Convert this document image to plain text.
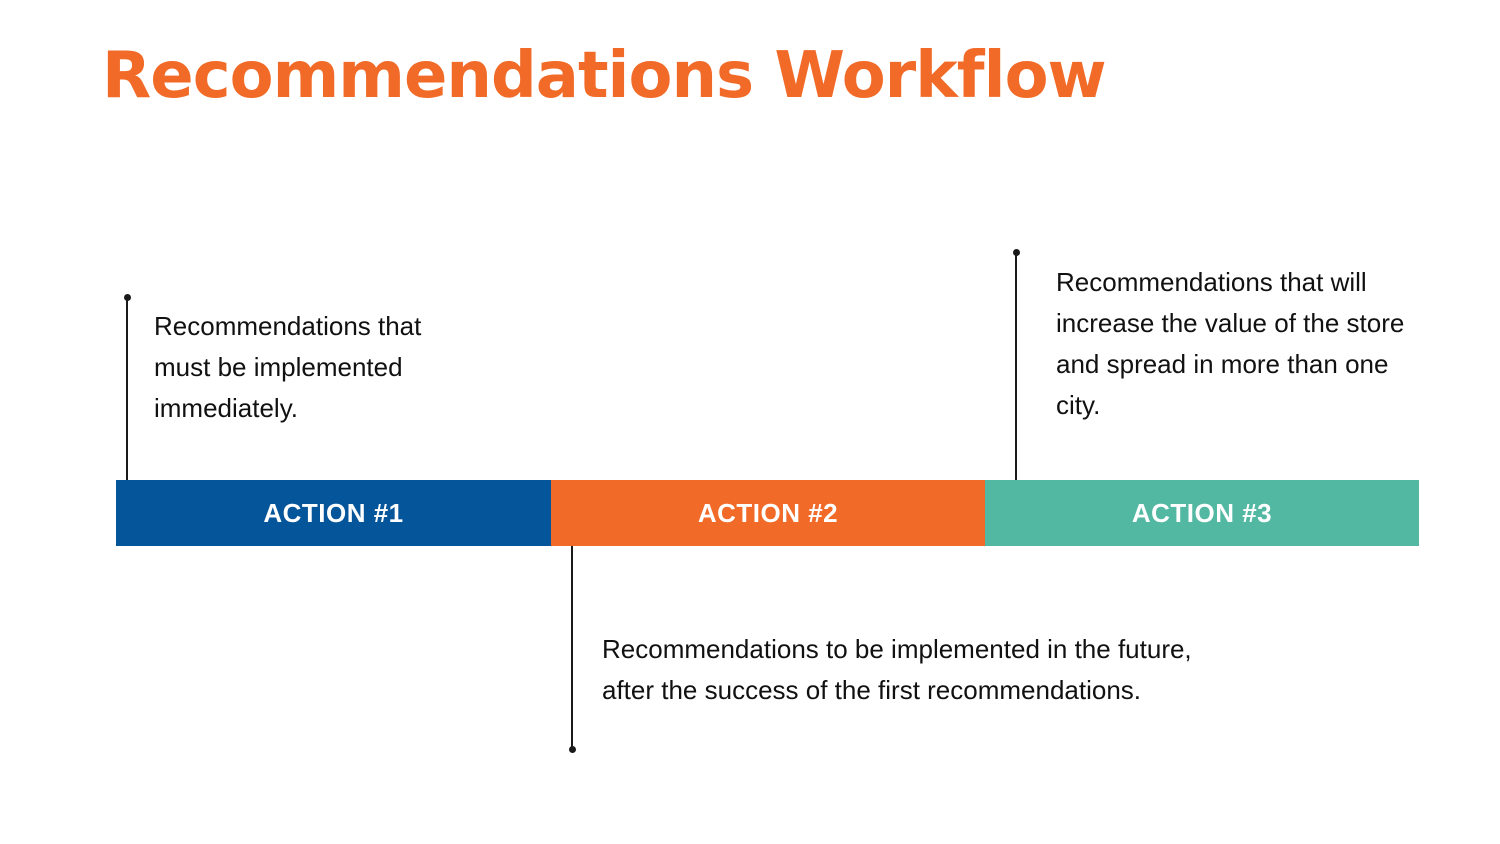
Recommendations Workflow
ACTION #1	ACTION #2	ACTION #3

Recommendations that must be implemented immediately.

Recommendations to be implemented in the future, after the success of the first recommendations.

Recommendations that will increase the value of the store and spread in more than one city.
